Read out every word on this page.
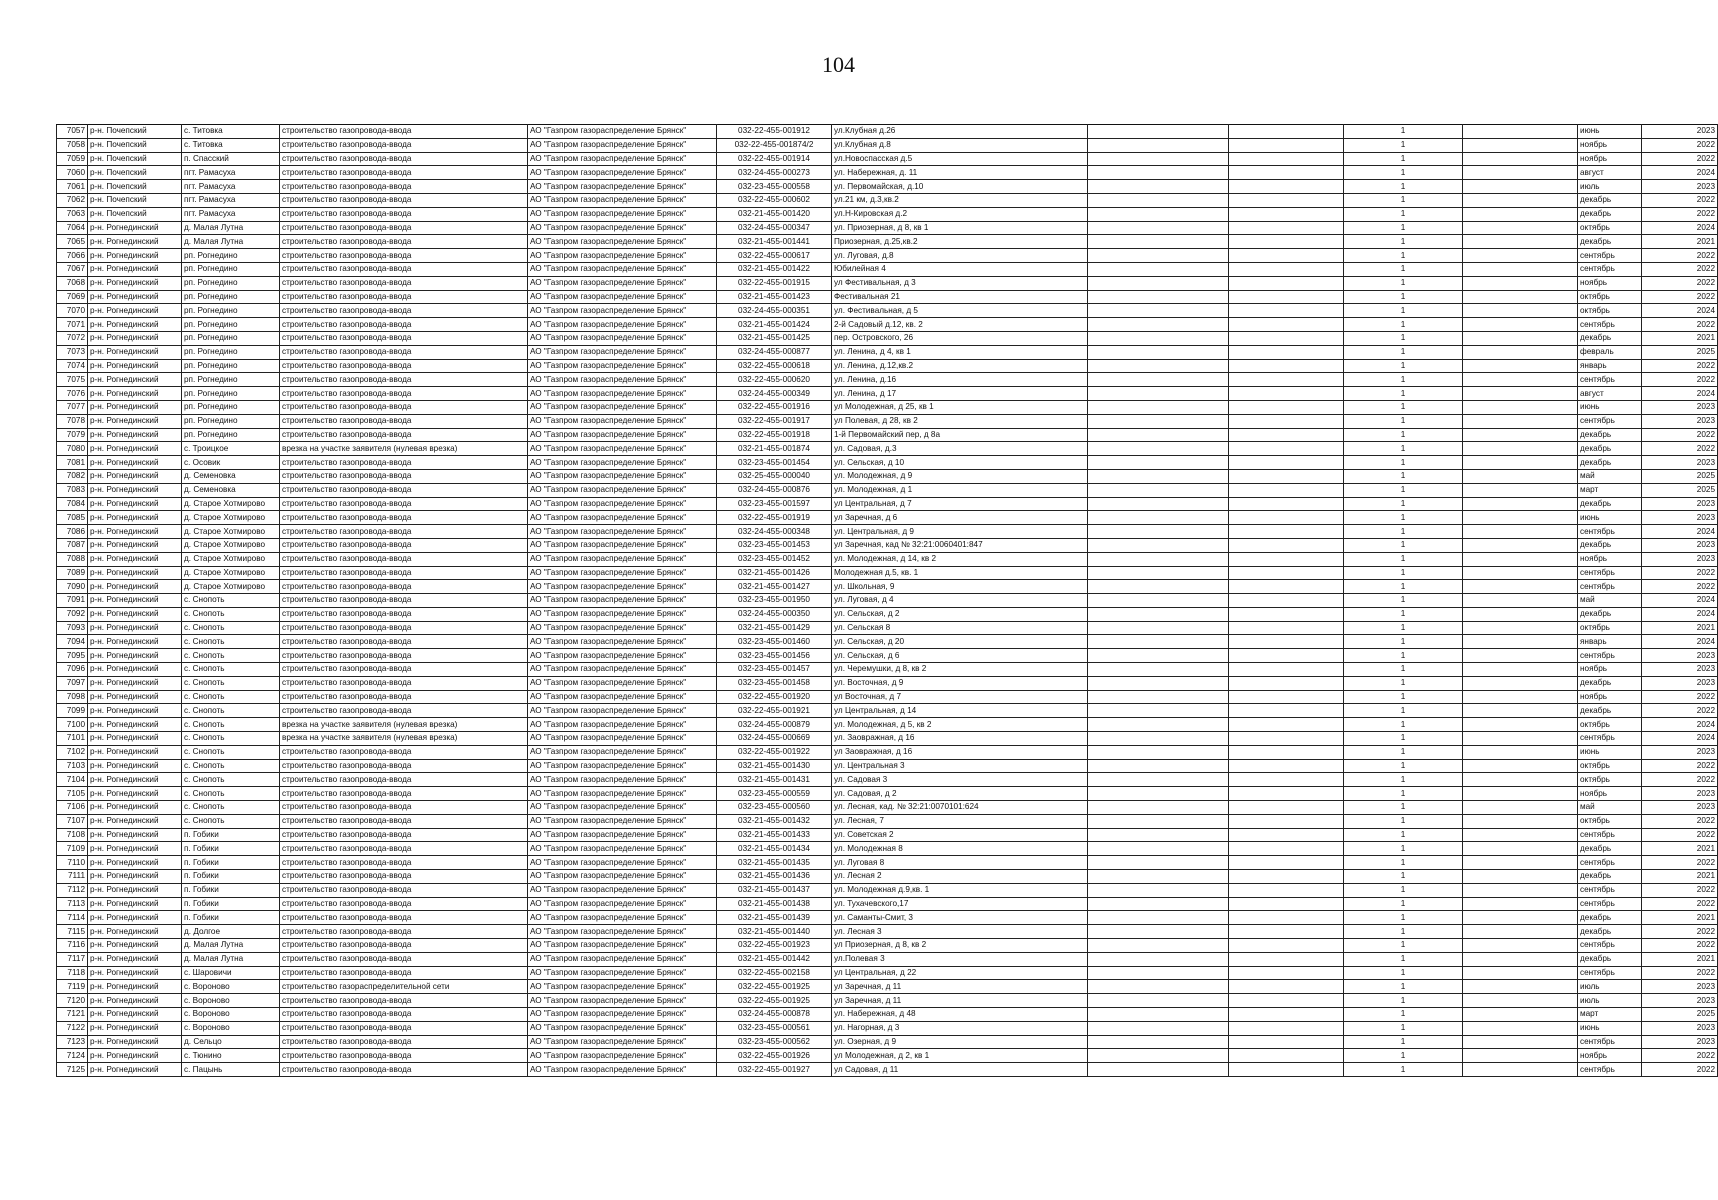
104
7057	р-н. Почепский	с. Титовка	строительство газопровода-ввода	АО "Газпром газораспределение Брянск"	032-22-455-001912	ул.Клубная д.26			1		июнь	2023
7058	р-н. Почепский	с. Титовка	строительство газопровода-ввода	АО "Газпром газораспределение Брянск"	032-22-455-001874/2	ул.Клубная д.8			1		ноябрь	2022
7059	р-н. Почепский	п. Спасский	строительство газопровода-ввода	АО "Газпром газораспределение Брянск"	032-22-455-001914	ул.Новоспасская д.5			1		ноябрь	2022
7060	р-н. Почепский	пгт. Рамасуха	строительство газопровода-ввода	АО "Газпром газораспределение Брянск"	032-24-455-000273	ул. Набережная, д. 11			1		август	2024
7061	р-н. Почепский	пгт. Рамасуха	строительство газопровода-ввода	АО "Газпром газораспределение Брянск"	032-23-455-000558	ул. Первомайская, д.10			1		июль	2023
7062	р-н. Почепский	пгт. Рамасуха	строительство газопровода-ввода	АО "Газпром газораспределение Брянск"	032-22-455-000602	ул.21 км, д.3,кв.2			1		декабрь	2022
7063	р-н. Почепский	пгт. Рамасуха	строительство газопровода-ввода	АО "Газпром газораспределение Брянск"	032-21-455-001420	ул.Н-Кировская д.2			1		декабрь	2022
7064	р-н. Рогнединский	д. Малая Лутна	строительство газопровода-ввода	АО "Газпром газораспределение Брянск"	032-24-455-000347	ул. Приозерная, д 8, кв 1			1		октябрь	2024
7065	р-н. Рогнединский	д. Малая Лутна	строительство газопровода-ввода	АО "Газпром газораспределение Брянск"	032-21-455-001441	Приозерная, д.25,кв.2			1		декабрь	2021
7066	р-н. Рогнединский	рп. Рогнедино	строительство газопровода-ввода	АО "Газпром газораспределение Брянск"	032-22-455-000617	ул. Луговая, д.8			1		сентябрь	2022
7067	р-н. Рогнединский	рп. Рогнедино	строительство газопровода-ввода	АО "Газпром газораспределение Брянск"	032-21-455-001422	Юбилейная 4			1		сентябрь	2022
7068	р-н. Рогнединский	рп. Рогнедино	строительство газопровода-ввода	АО "Газпром газораспределение Брянск"	032-22-455-001915	ул Фестивальная, д 3			1		ноябрь	2022
7069	р-н. Рогнединский	рп. Рогнедино	строительство газопровода-ввода	АО "Газпром газораспределение Брянск"	032-21-455-001423	Фестивальная 21			1		октябрь	2022
7070	р-н. Рогнединский	рп. Рогнедино	строительство газопровода-ввода	АО "Газпром газораспределение Брянск"	032-24-455-000351	ул. Фестивальная, д 5			1		октябрь	2024
7071	р-н. Рогнединский	рп. Рогнедино	строительство газопровода-ввода	АО "Газпром газораспределение Брянск"	032-21-455-001424	2-й Садовый д.12, кв. 2			1		сентябрь	2022
7072	р-н. Рогнединский	рп. Рогнедино	строительство газопровода-ввода	АО "Газпром газораспределение Брянск"	032-21-455-001425	пер. Островского, 26			1		декабрь	2021
7073	р-н. Рогнединский	рп. Рогнедино	строительство газопровода-ввода	АО "Газпром газораспределение Брянск"	032-24-455-000877	ул. Ленина, д 4, кв 1			1		февраль	2025
7074	р-н. Рогнединский	рп. Рогнедино	строительство газопровода-ввода	АО "Газпром газораспределение Брянск"	032-22-455-000618	ул. Ленина, д.12,кв.2			1		январь	2022
7075	р-н. Рогнединский	рп. Рогнедино	строительство газопровода-ввода	АО "Газпром газораспределение Брянск"	032-22-455-000620	ул. Ленина, д.16			1		сентябрь	2022
7076	р-н. Рогнединский	рп. Рогнедино	строительство газопровода-ввода	АО "Газпром газораспределение Брянск"	032-24-455-000349	ул. Ленина, д 17			1		август	2024
7077	р-н. Рогнединский	рп. Рогнедино	строительство газопровода-ввода	АО "Газпром газораспределение Брянск"	032-22-455-001916	ул Молодежная, д 25, кв 1			1		июнь	2023
7078	р-н. Рогнединский	рп. Рогнедино	строительство газопровода-ввода	АО "Газпром газораспределение Брянск"	032-22-455-001917	ул Полевая, д 28, кв 2			1		сентябрь	2023
7079	р-н. Рогнединский	рп. Рогнедино	строительство газопровода-ввода	АО "Газпром газораспределение Брянск"	032-22-455-001918	1-й Первомайский пер, д 8а			1		декабрь	2022
7080	р-н. Рогнединский	с. Троицкое	врезка на участке заявителя (нулевая врезка)	АО "Газпром газораспределение Брянск"	032-21-455-001874	ул. Садовая, д.3			1		декабрь	2022
7081	р-н. Рогнединский	с. Осовик	строительство газопровода-ввода	АО "Газпром газораспределение Брянск"	032-23-455-001454	ул. Сельская, д 10			1		декабрь	2023
7082	р-н. Рогнединский	д. Семеновка	строительство газопровода-ввода	АО "Газпром газораспределение Брянск"	032-25-455-000040	ул. Молодежная, д 9			1		май	2025
7083	р-н. Рогнединский	д. Семеновка	строительство газопровода-ввода	АО "Газпром газораспределение Брянск"	032-24-455-000876	ул. Молодежная, д 1			1		март	2025
7084	р-н. Рогнединский	д. Старое Хотмирово	строительство газопровода-ввода	АО "Газпром газораспределение Брянск"	032-23-455-001597	ул Центральная, д 7			1		декабрь	2023
7085	р-н. Рогнединский	д. Старое Хотмирово	строительство газопровода-ввода	АО "Газпром газораспределение Брянск"	032-22-455-001919	ул Заречная, д 6			1		июнь	2023
7086	р-н. Рогнединский	д. Старое Хотмирово	строительство газопровода-ввода	АО "Газпром газораспределение Брянск"	032-24-455-000348	ул. Центральная, д 9			1		сентябрь	2024
7087	р-н. Рогнединский	д. Старое Хотмирово	строительство газопровода-ввода	АО "Газпром газораспределение Брянск"	032-23-455-001453	ул Заречная, кад № 32:21:0060401:847			1		декабрь	2023
7088	р-н. Рогнединский	д. Старое Хотмирово	строительство газопровода-ввода	АО "Газпром газораспределение Брянск"	032-23-455-001452	ул. Молодежная, д 14, кв 2			1		ноябрь	2023
7089	р-н. Рогнединский	д. Старое Хотмирово	строительство газопровода-ввода	АО "Газпром газораспределение Брянск"	032-21-455-001426	Молодежная д.5, кв. 1			1		сентябрь	2022
7090	р-н. Рогнединский	д. Старое Хотмирово	строительство газопровода-ввода	АО "Газпром газораспределение Брянск"	032-21-455-001427	ул. Школьная, 9			1		сентябрь	2022
7091	р-н. Рогнединский	с. Снопоть	строительство газопровода-ввода	АО "Газпром газораспределение Брянск"	032-23-455-001950	ул. Луговая, д 4			1		май	2024
7092	р-н. Рогнединский	с. Снопоть	строительство газопровода-ввода	АО "Газпром газораспределение Брянск"	032-24-455-000350	ул. Сельская, д 2			1		декабрь	2024
7093	р-н. Рогнединский	с. Снопоть	строительство газопровода-ввода	АО "Газпром газораспределение Брянск"	032-21-455-001429	ул. Сельская 8			1		октябрь	2021
7094	р-н. Рогнединский	с. Снопоть	строительство газопровода-ввода	АО "Газпром газораспределение Брянск"	032-23-455-001460	ул. Сельская, д 20			1		январь	2024
7095	р-н. Рогнединский	с. Снопоть	строительство газопровода-ввода	АО "Газпром газораспределение Брянск"	032-23-455-001456	ул. Сельская, д 6			1		сентябрь	2023
7096	р-н. Рогнединский	с. Снопоть	строительство газопровода-ввода	АО "Газпром газораспределение Брянск"	032-23-455-001457	ул. Черемушки, д 8, кв 2			1		ноябрь	2023
7097	р-н. Рогнединский	с. Снопоть	строительство газопровода-ввода	АО "Газпром газораспределение Брянск"	032-23-455-001458	ул. Восточная, д 9			1		декабрь	2023
7098	р-н. Рогнединский	с. Снопоть	строительство газопровода-ввода	АО "Газпром газораспределение Брянск"	032-22-455-001920	ул Восточная, д 7			1		ноябрь	2022
7099	р-н. Рогнединский	с. Снопоть	строительство газопровода-ввода	АО "Газпром газораспределение Брянск"	032-22-455-001921	ул Центральная, д 14			1		декабрь	2022
7100	р-н. Рогнединский	с. Снопоть	врезка на участке заявителя (нулевая врезка)	АО "Газпром газораспределение Брянск"	032-24-455-000879	ул. Молодежная, д 5, кв 2			1		октябрь	2024
7101	р-н. Рогнединский	с. Снопоть	врезка на участке заявителя (нулевая врезка)	АО "Газпром газораспределение Брянск"	032-24-455-000669	ул. Заовражная, д 16			1		сентябрь	2024
7102	р-н. Рогнединский	с. Снопоть	строительство газопровода-ввода	АО "Газпром газораспределение Брянск"	032-22-455-001922	ул Заовражная, д 16			1		июнь	2023
7103	р-н. Рогнединский	с. Снопоть	строительство газопровода-ввода	АО "Газпром газораспределение Брянск"	032-21-455-001430	ул. Центральная 3			1		октябрь	2022
7104	р-н. Рогнединский	с. Снопоть	строительство газопровода-ввода	АО "Газпром газораспределение Брянск"	032-21-455-001431	ул. Садовая 3			1		октябрь	2022
7105	р-н. Рогнединский	с. Снопоть	строительство газопровода-ввода	АО "Газпром газораспределение Брянск"	032-23-455-000559	ул. Садовая, д 2			1		ноябрь	2023
7106	р-н. Рогнединский	с. Снопоть	строительство газопровода-ввода	АО "Газпром газораспределение Брянск"	032-23-455-000560	ул. Лесная, кад. № 32:21:0070101:624			1		май	2023
7107	р-н. Рогнединский	с. Снопоть	строительство газопровода-ввода	АО "Газпром газораспределение Брянск"	032-21-455-001432	ул. Лесная, 7			1		октябрь	2022
7108	р-н. Рогнединский	п. Гобики	строительство газопровода-ввода	АО "Газпром газораспределение Брянск"	032-21-455-001433	ул. Советская 2			1		сентябрь	2022
7109	р-н. Рогнединский	п. Гобики	строительство газопровода-ввода	АО "Газпром газораспределение Брянск"	032-21-455-001434	ул. Молодежная 8			1		декабрь	2021
7110	р-н. Рогнединский	п. Гобики	строительство газопровода-ввода	АО "Газпром газораспределение Брянск"	032-21-455-001435	ул. Луговая 8			1		сентябрь	2022
7111	р-н. Рогнединский	п. Гобики	строительство газопровода-ввода	АО "Газпром газораспределение Брянск"	032-21-455-001436	ул. Лесная 2			1		декабрь	2021
7112	р-н. Рогнединский	п. Гобики	строительство газопровода-ввода	АО "Газпром газораспределение Брянск"	032-21-455-001437	ул. Молодежная д.9,кв. 1			1		сентябрь	2022
7113	р-н. Рогнединский	п. Гобики	строительство газопровода-ввода	АО "Газпром газораспределение Брянск"	032-21-455-001438	ул. Тухачевского,17			1		сентябрь	2022
7114	р-н. Рогнединский	п. Гобики	строительство газопровода-ввода	АО "Газпром газораспределение Брянск"	032-21-455-001439	ул. Саманты-Смит, 3			1		декабрь	2021
7115	р-н. Рогнединский	д. Долгое	строительство газопровода-ввода	АО "Газпром газораспределение Брянск"	032-21-455-001440	ул. Лесная 3			1		декабрь	2022
7116	р-н. Рогнединский	д. Малая Лутна	строительство газопровода-ввода	АО "Газпром газораспределение Брянск"	032-22-455-001923	ул Приозерная, д 8, кв 2			1		сентябрь	2022
7117	р-н. Рогнединский	д. Малая Лутна	строительство газопровода-ввода	АО "Газпром газораспределение Брянск"	032-21-455-001442	ул.Полевая 3			1		декабрь	2021
7118	р-н. Рогнединский	с. Шаровичи	строительство газопровода-ввода	АО "Газпром газораспределение Брянск"	032-22-455-002158	ул Центральная, д 22			1		сентябрь	2022
7119	р-н. Рогнединский	с. Вороново	строительство газораспределительной сети	АО "Газпром газораспределение Брянск"	032-22-455-001925	ул Заречная, д 11			1		июль	2023
7120	р-н. Рогнединский	с. Вороново	строительство газопровода-ввода	АО "Газпром газораспределение Брянск"	032-22-455-001925	ул Заречная, д 11			1		июль	2023
7121	р-н. Рогнединский	с. Вороново	строительство газопровода-ввода	АО "Газпром газораспределение Брянск"	032-24-455-000878	ул. Набережная, д 48			1		март	2025
7122	р-н. Рогнединский	с. Вороново	строительство газопровода-ввода	АО "Газпром газораспределение Брянск"	032-23-455-000561	ул. Нагорная, д 3			1		июнь	2023
7123	р-н. Рогнединский	д. Сельцо	строительство газопровода-ввода	АО "Газпром газораспределение Брянск"	032-23-455-000562	ул. Озерная, д 9			1		сентябрь	2023
7124	р-н. Рогнединский	с. Тюнино	строительство газопровода-ввода	АО "Газпром газораспределение Брянск"	032-22-455-001926	ул Молодежная, д 2, кв 1			1		ноябрь	2022
7125	р-н. Рогнединский	с. Пацынь	строительство газопровода-ввода	АО "Газпром газораспределение Брянск"	032-22-455-001927	ул Садовая, д 11			1		сентябрь	2022
